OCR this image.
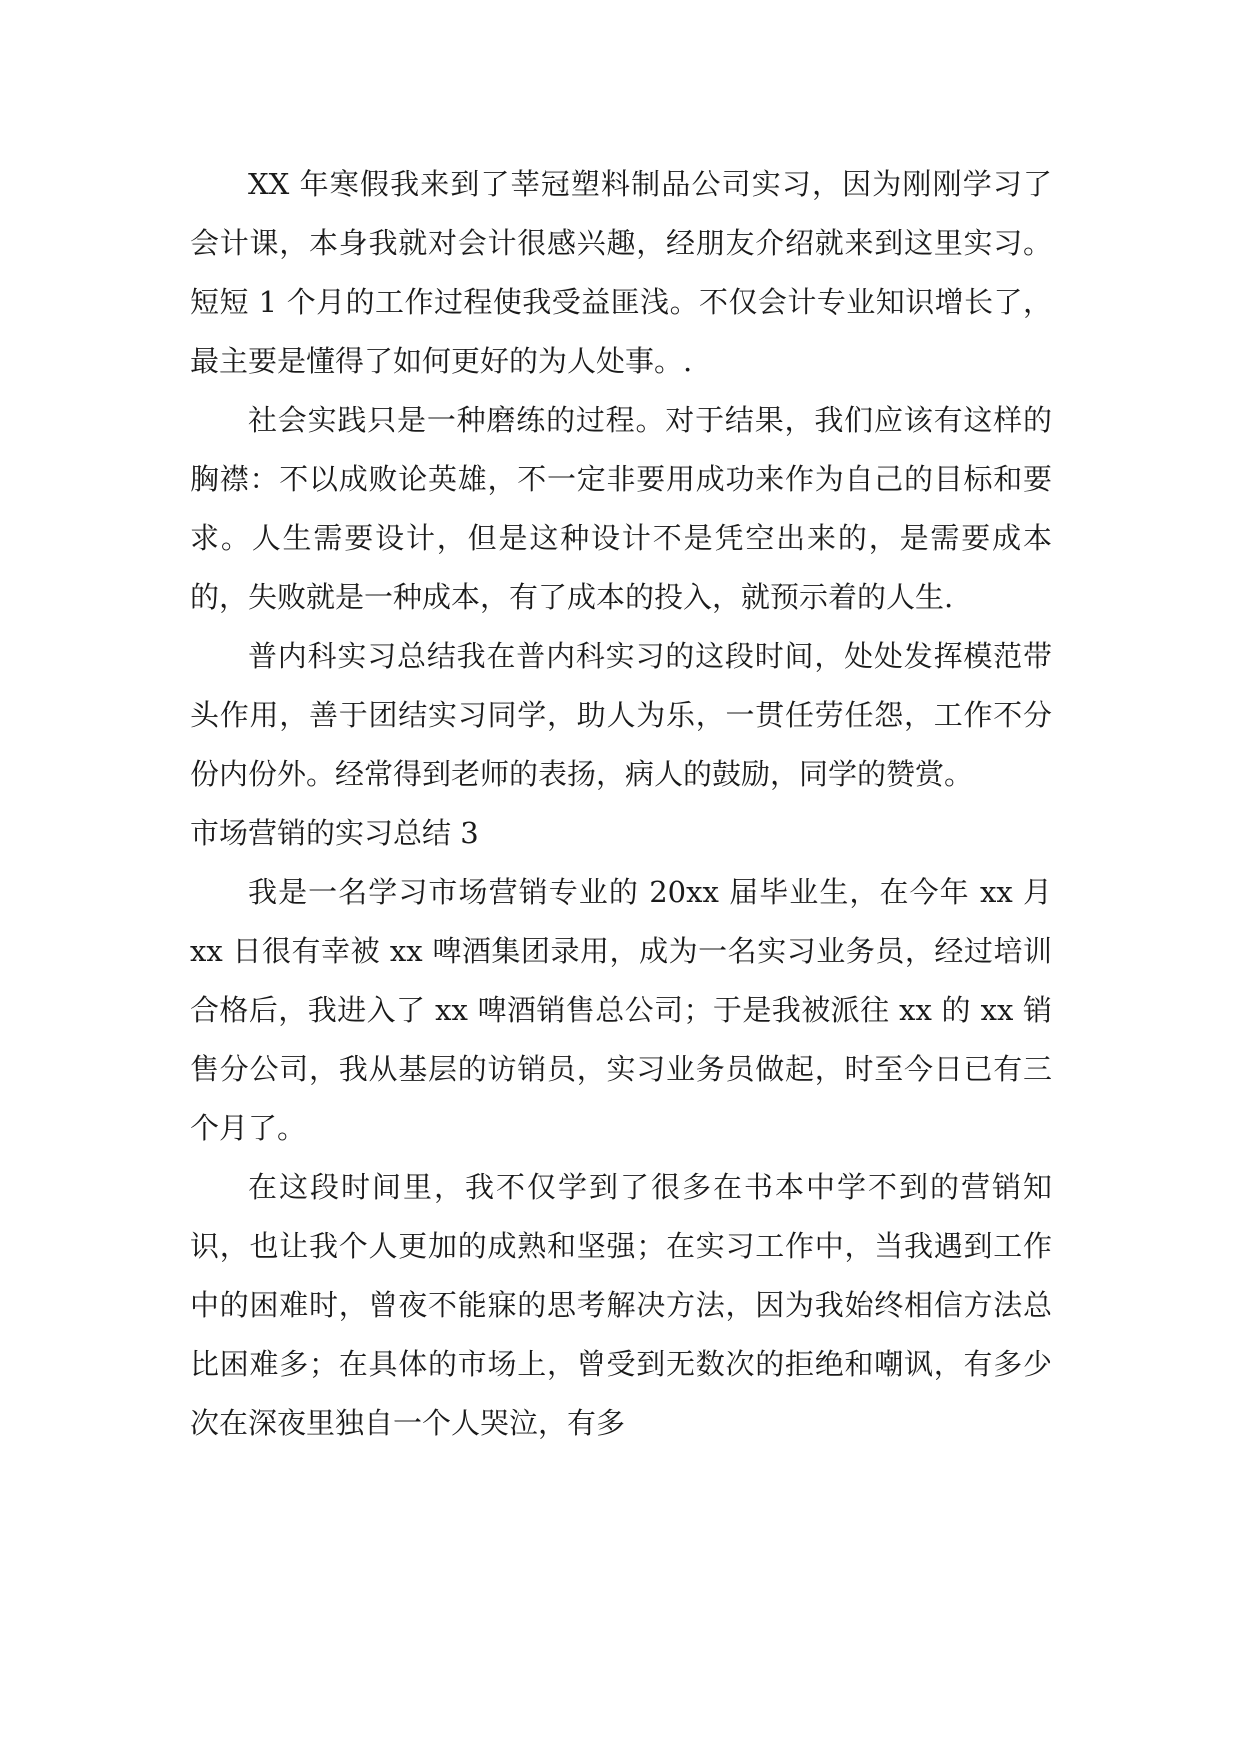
XX 年寒假我来到了莘冠塑料制品公司实习，因为刚刚学习了会计课，本身我就对会计很感兴趣，经朋友介绍就来到这里实习。短短 1 个月的工作过程使我受益匪浅。不仅会计专业知识增长了，最主要是懂得了如何更好的为人处事。.

社会实践只是一种磨练的过程。对于结果，我们应该有这样的胸襟：不以成败论英雄，不一定非要用成功来作为自己的目标和要求。人生需要设计，但是这种设计不是凭空出来的，是需要成本的，失败就是一种成本，有了成本的投入，就预示着的人生.

普内科实习总结我在普内科实习的这段时间，处处发挥模范带头作用，善于团结实习同学，助人为乐，一贯任劳任怨，工作不分份内份外。经常得到老师的表扬，病人的鼓励，同学的赞赏。

市场营销的实习总结 3

我是一名学习市场营销专业的 20xx 届毕业生，在今年 xx 月 xx 日很有幸被 xx 啤酒集团录用，成为一名实习业务员，经过培训合格后，我进入了 xx 啤酒销售总公司；于是我被派往 xx 的 xx 销售分公司，我从基层的访销员，实习业务员做起，时至今日已有三个月了。

在这段时间里，我不仅学到了很多在书本中学不到的营销知识，也让我个人更加的成熟和坚强；在实习工作中，当我遇到工作中的困难时，曾夜不能寐的思考解决方法，因为我始终相信方法总比困难多；在具体的市场上，曾受到无数次的拒绝和嘲讽，有多少次在深夜里独自一个人哭泣，有多
